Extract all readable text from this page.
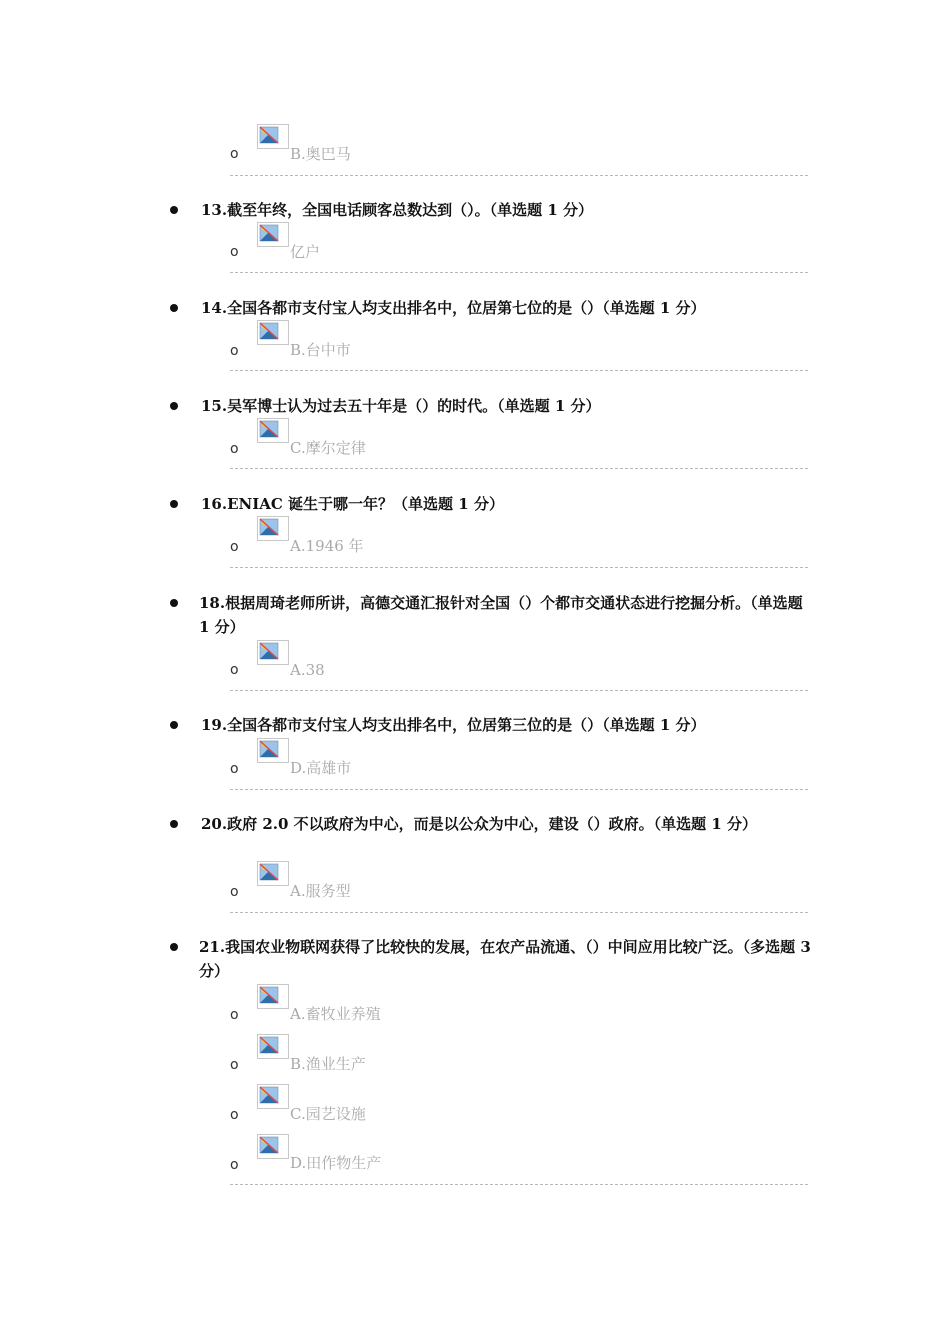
o	B.奥巴马
13.截至年终，全国电话顾客总数达到（）。（单选题 1 分）
o	亿户
14.全国各都市支付宝人均支出排名中，位居第七位的是（）（单选题 1 分）
o	B.台中市
15.吴军博士认为过去五十年是（）的时代。（单选题 1 分）
o	C.摩尔定律
16.ENIAC 诞生于哪一年？（单选题 1 分）
o	A.1946 年
18.根据周琦老师所讲，高德交通汇报针对全国（）个都市交通状态进行挖掘分析。（单选题 1 分）
o	A.38
19.全国各都市支付宝人均支出排名中，位居第三位的是（）（单选题 1 分）
o	D.高雄市
20.政府 2.0 不以政府为中心，而是以公众为中心，建设（）政府。（单选题 1 分）
o	A.服务型
21.我国农业物联网获得了比较快的发展，在农产品流通、（）中间应用比较广泛。（多选题 3 分）
o	A.畜牧业养殖
o	B.渔业生产
o	C.园艺设施
o	D.田作物生产
